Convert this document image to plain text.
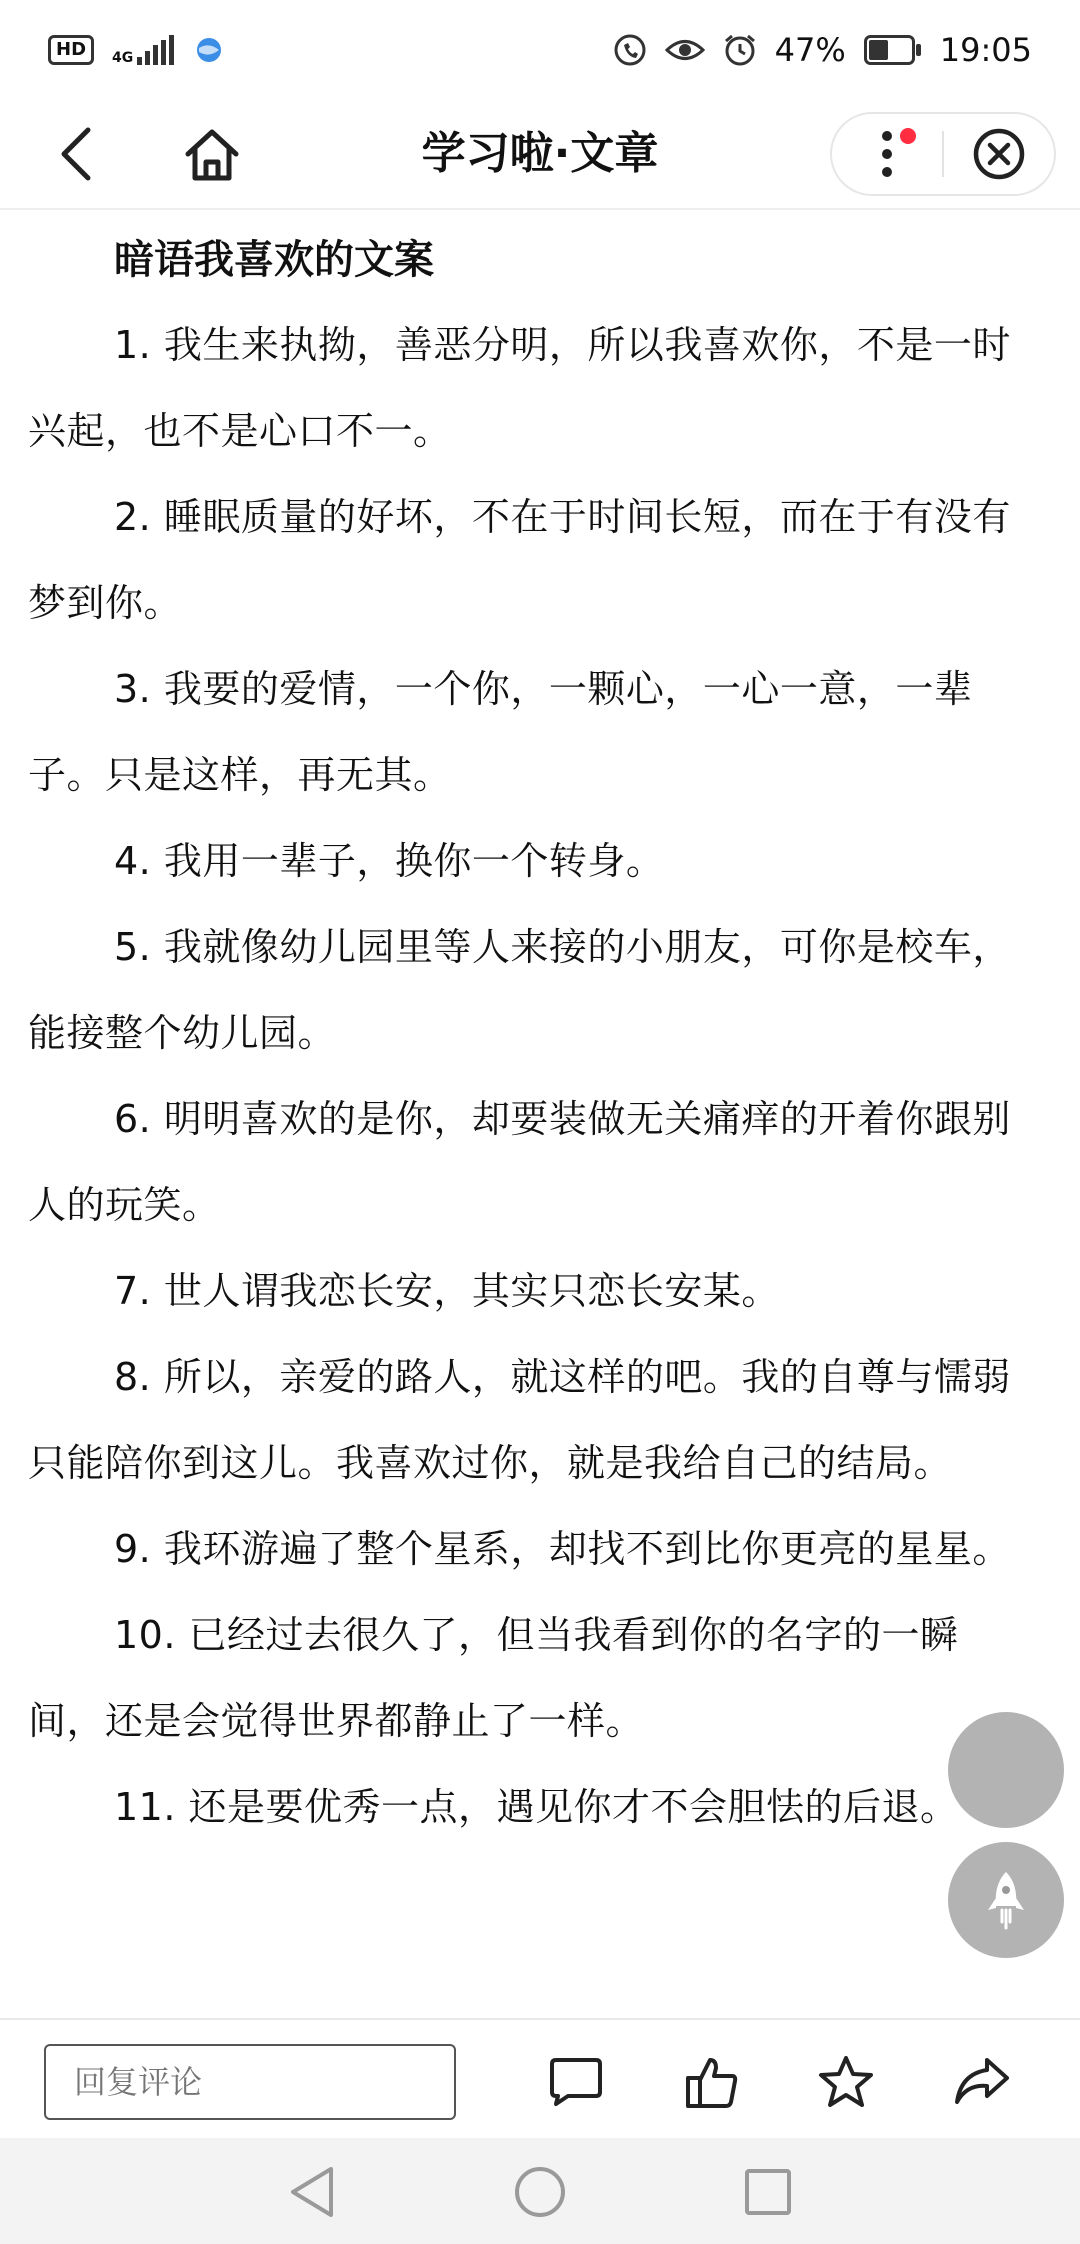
HD	4G	47%	19:05
学习啦·文章
暗语我喜欢的文案

1. 我生来执拗，善恶分明，所以我喜欢你，不是一时兴起，也不是心口不一。

2. 睡眠质量的好坏，不在于时间长短，而在于有没有梦到你。

3. 我要的爱情，一个你，一颗心，一心一意，一辈子。只是这样，再无其。

4. 我用一辈子，换你一个转身。

5. 我就像幼儿园里等人来接的小朋友，可你是校车，能接整个幼儿园。

6. 明明喜欢的是你，却要装做无关痛痒的开着你跟别人的玩笑。

7. 世人谓我恋长安，其实只恋长安某。

8. 所以，亲爱的路人，就这样的吧。我的自尊与懦弱只能陪你到这儿。我喜欢过你，就是我给自己的结局。

9. 我环游遍了整个星系，却找不到比你更亮的星星。

10. 已经过去很久了，但当我看到你的名字的一瞬间，还是会觉得世界都静止了一样。

11. 还是要优秀一点，遇见你才不会胆怯的后退。

回复评论
